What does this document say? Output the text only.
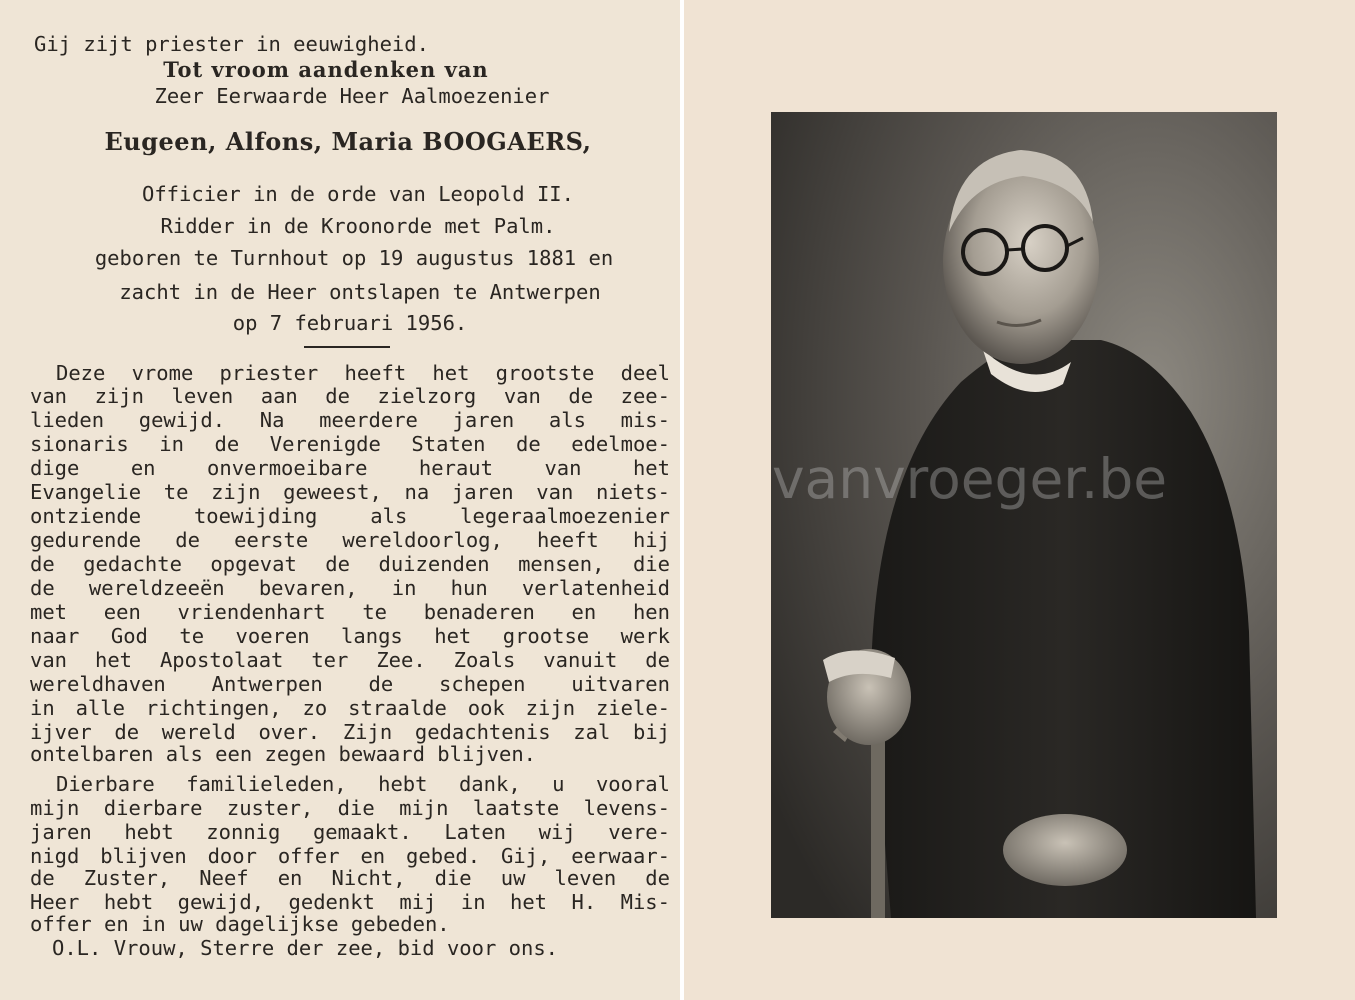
Gij zijt priester in eeuwigheid.
Tot vroom aandenken van
Zeer Eerwaarde Heer Aalmoezenier
Eugeen, Alfons, Maria BOOGAERS,
Officier in de orde van Leopold II.
Ridder in de Kroonorde met Palm.
geboren te Turnhout op 19 augustus 1881 en
zacht in de Heer ontslapen te Antwerpen
op 7 februari 1956.
Deze vrome priester heeft het grootste deel
van zijn leven aan de zielzorg van de zee-
lieden gewijd. Na meerdere jaren als mis-
sionaris in de Verenigde Staten de edelmoe-
dige en onvermoeibare heraut van het
Evangelie te zijn geweest, na jaren van niets-
ontziende toewijding als legeraalmoezenier
gedurende de eerste wereldoorlog, heeft hij
de gedachte opgevat de duizenden mensen, die
de wereldzeeën bevaren, in hun verlatenheid
met een vriendenhart te benaderen en hen
naar God te voeren langs het grootse werk
van het Apostolaat ter Zee. Zoals vanuit de
wereldhaven Antwerpen de schepen uitvaren
in alle richtingen, zo straalde ook zijn ziele-
ijver de wereld over. Zijn gedachtenis zal bij
ontelbaren als een zegen bewaard blijven.
Dierbare familieleden, hebt dank, u vooral
mijn dierbare zuster, die mijn laatste levens-
jaren hebt zonnig gemaakt. Laten wij vere-
nigd blijven door offer en gebed. Gij, eerwaar-
de Zuster, Neef en Nicht, die uw leven de
Heer hebt gewijd, gedenkt mij in het H. Mis-
offer en in uw dagelijkse gebeden.
O.L. Vrouw, Sterre der zee, bid voor ons.
vanvroeger.be
